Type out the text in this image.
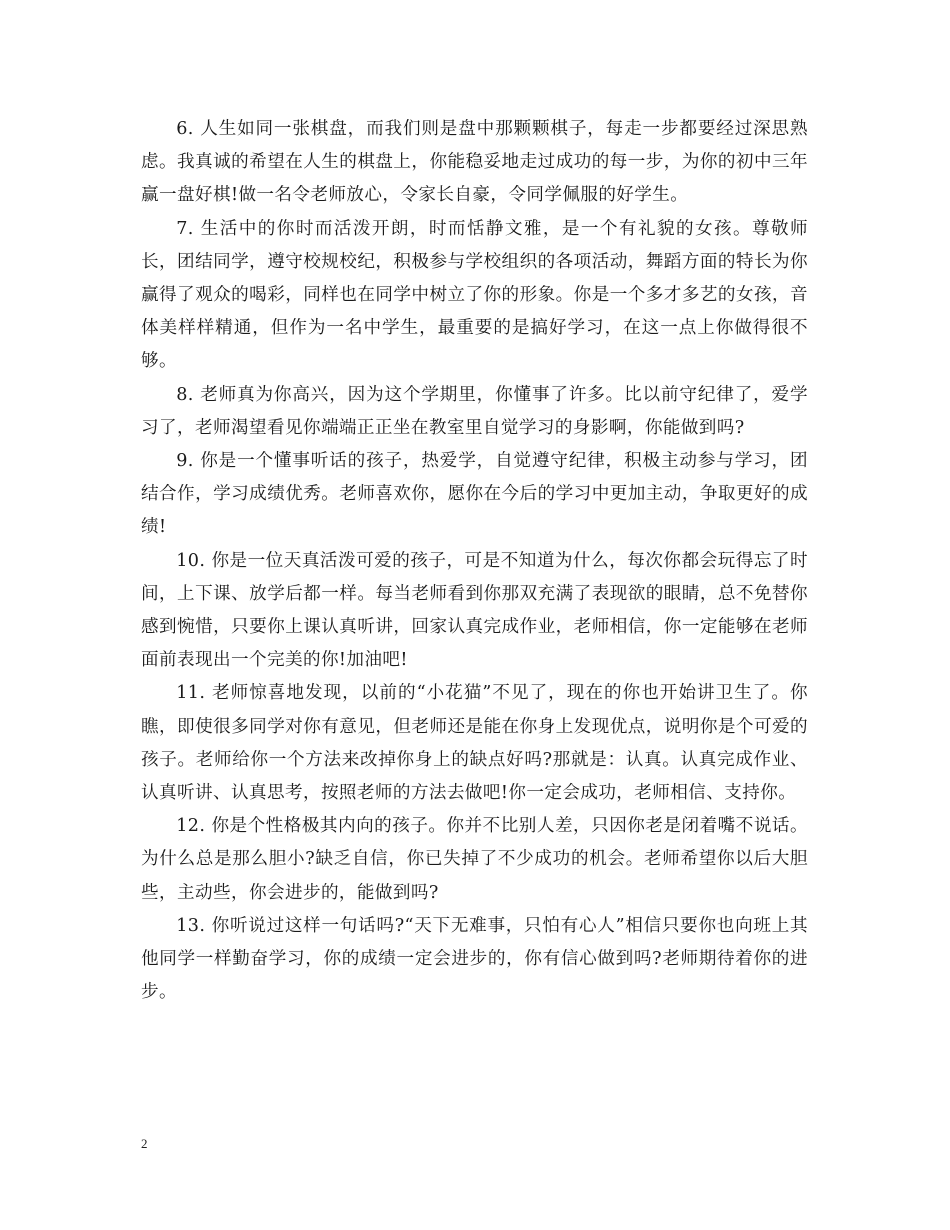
6. 人生如同一张棋盘，而我们则是盘中那颗颗棋子，每走一步都要经过深思熟虑。我真诚的希望在人生的棋盘上，你能稳妥地走过成功的每一步，为你的初中三年赢一盘好棋!做一名令老师放心，令家长自豪，令同学佩服的好学生。

7. 生活中的你时而活泼开朗，时而恬静文雅，是一个有礼貌的女孩。尊敬师长，团结同学，遵守校规校纪，积极参与学校组织的各项活动，舞蹈方面的特长为你赢得了观众的喝彩，同样也在同学中树立了你的形象。你是一个多才多艺的女孩，音体美样样精通，但作为一名中学生，最重要的是搞好学习，在这一点上你做得很不够。

8. 老师真为你高兴，因为这个学期里，你懂事了许多。比以前守纪律了，爱学习了，老师渴望看见你端端正正坐在教室里自觉学习的身影啊，你能做到吗?

9. 你是一个懂事听话的孩子，热爱学，自觉遵守纪律，积极主动参与学习，团结合作，学习成绩优秀。老师喜欢你，愿你在今后的学习中更加主动，争取更好的成绩!

10. 你是一位天真活泼可爱的孩子，可是不知道为什么，每次你都会玩得忘了时间，上下课、放学后都一样。每当老师看到你那双充满了表现欲的眼睛，总不免替你感到惋惜，只要你上课认真听讲，回家认真完成作业，老师相信，你一定能够在老师面前表现出一个完美的你!加油吧!

11. 老师惊喜地发现，以前的“小花猫”不见了，现在的你也开始讲卫生了。你瞧，即使很多同学对你有意见，但老师还是能在你身上发现优点，说明你是个可爱的孩子。老师给你一个方法来改掉你身上的缺点好吗?那就是：认真。认真完成作业、认真听讲、认真思考，按照老师的方法去做吧!你一定会成功，老师相信、支持你。

12. 你是个性格极其内向的孩子。你并不比别人差，只因你老是闭着嘴不说话。为什么总是那么胆小?缺乏自信，你已失掉了不少成功的机会。老师希望你以后大胆些，主动些，你会进步的，能做到吗?

13. 你听说过这样一句话吗?“天下无难事，只怕有心人”相信只要你也向班上其他同学一样勤奋学习，你的成绩一定会进步的，你有信心做到吗?老师期待着你的进步。

2
